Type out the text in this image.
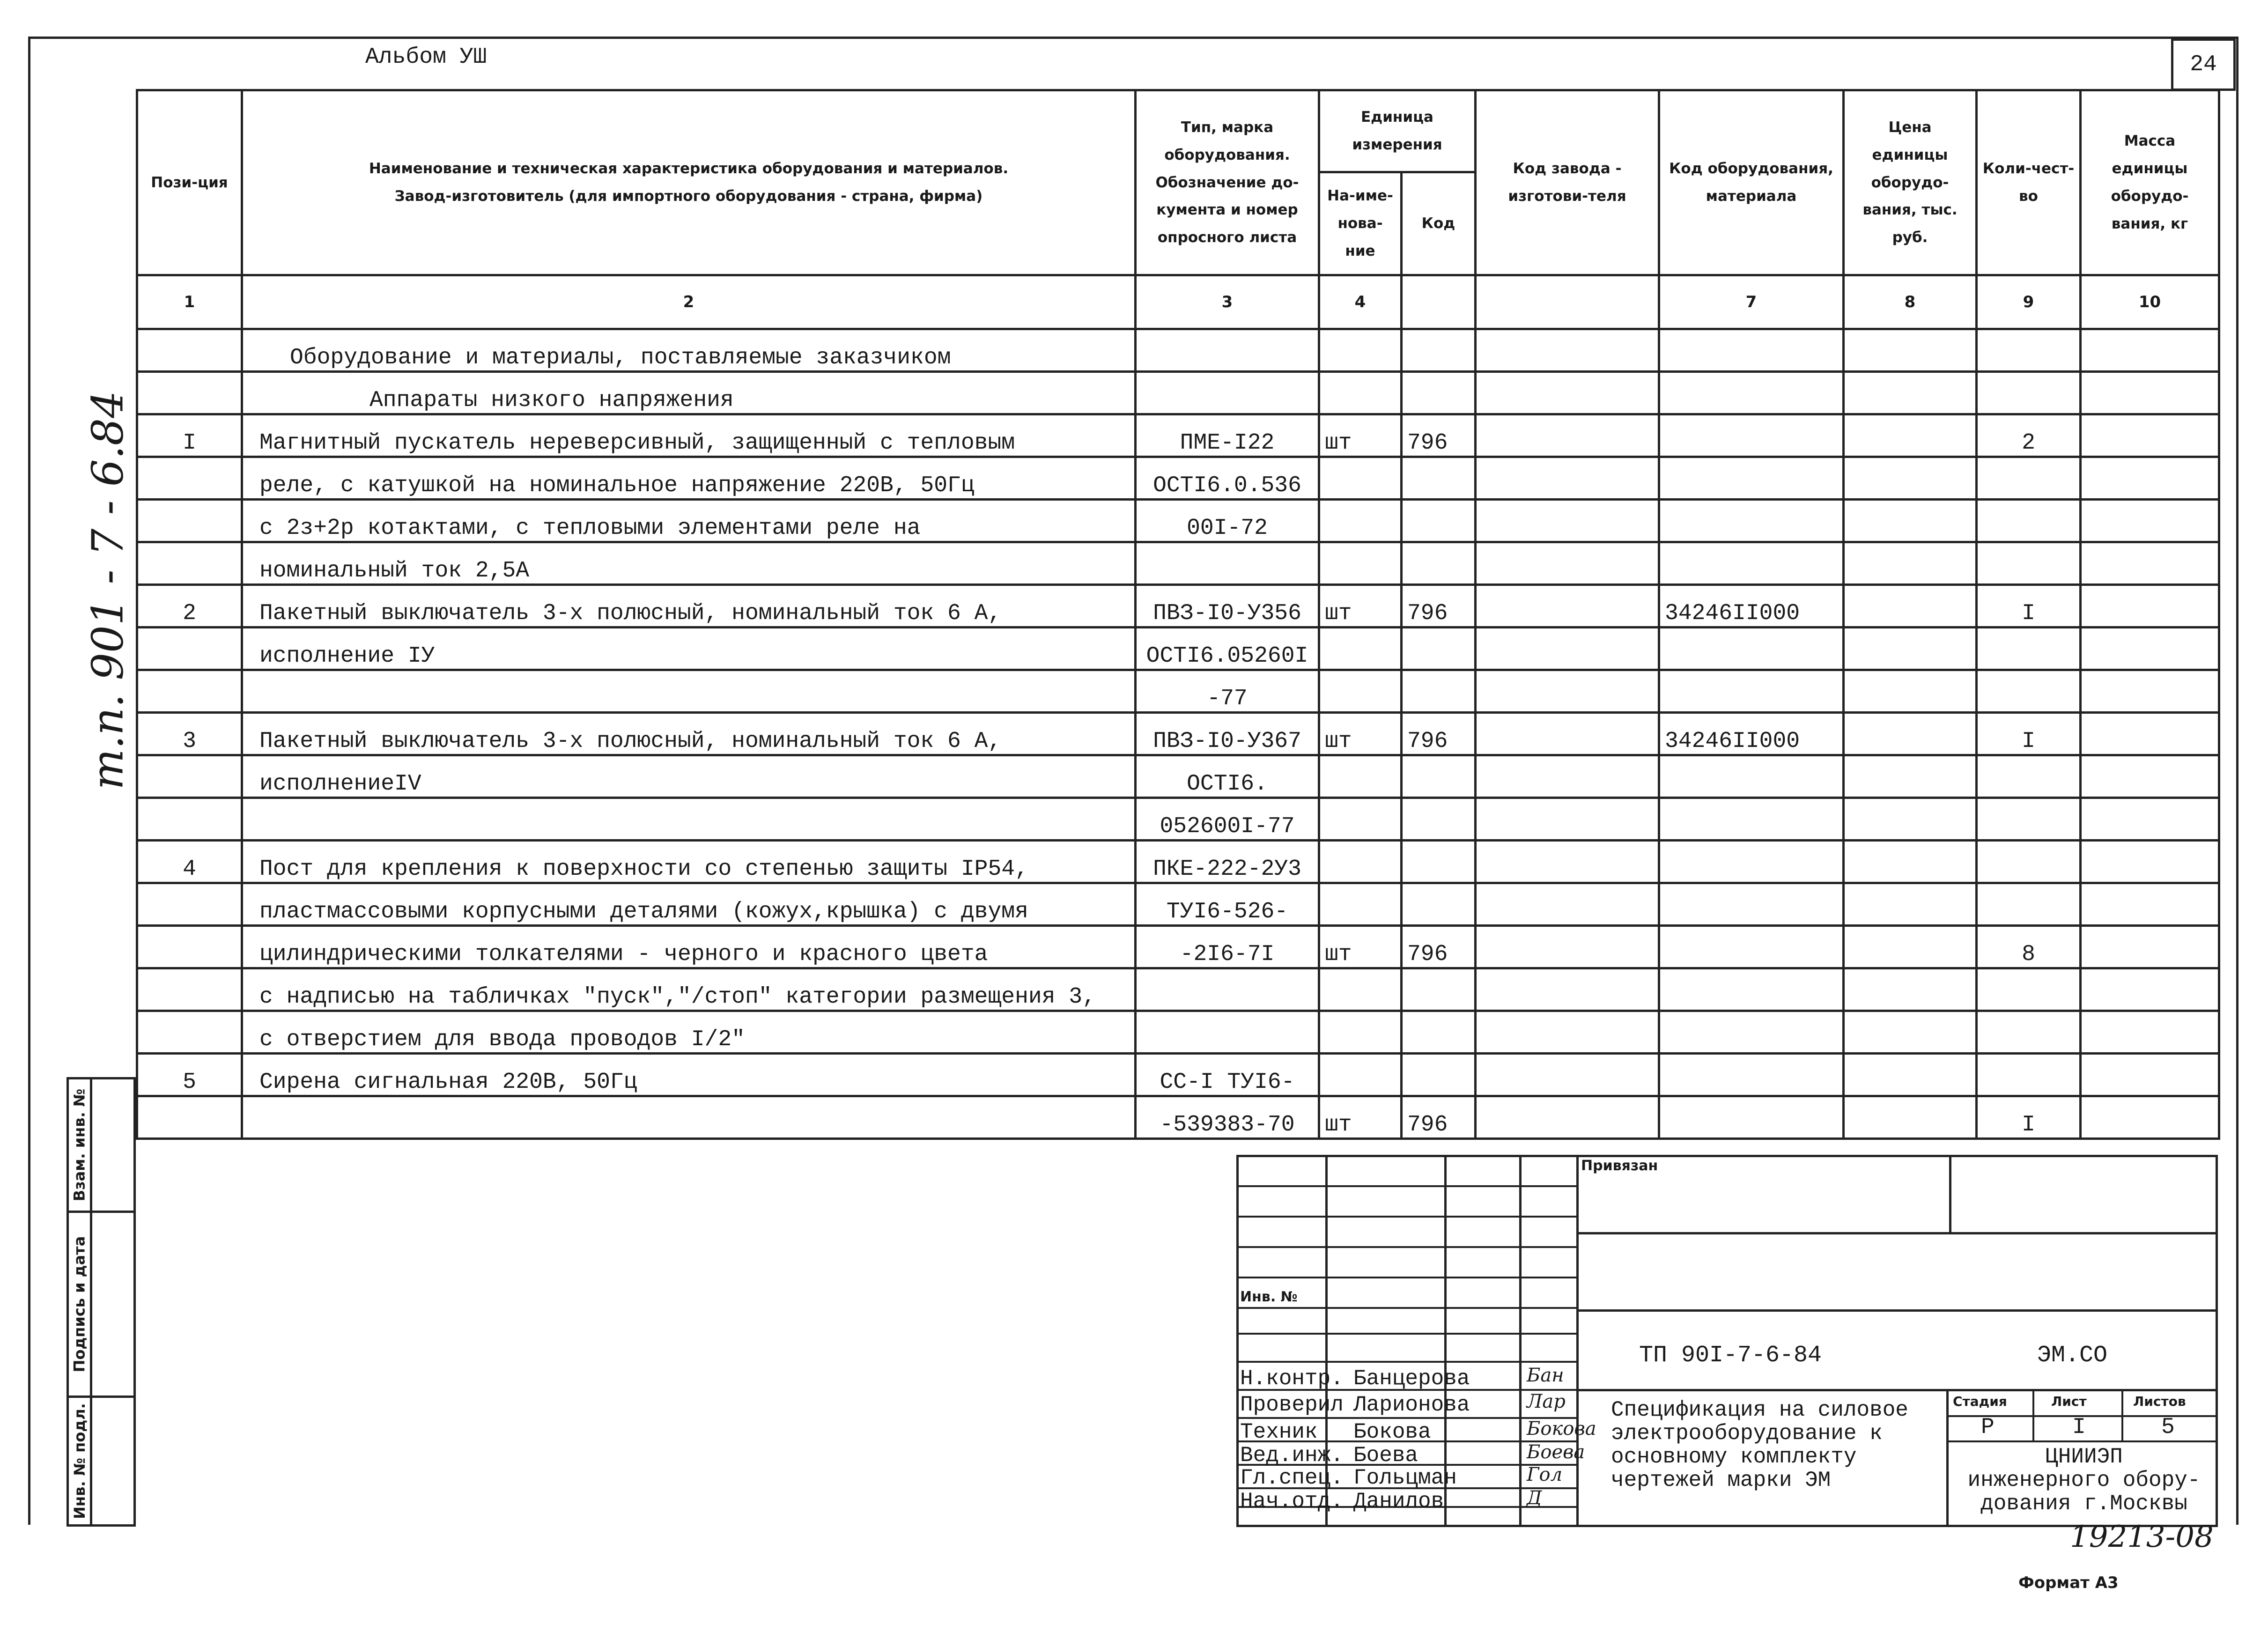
Альбом УШ	24
т.п. 901 - 7 - 6.84
Пози-ция	Наименование и техническая характеристика оборудования и материалов.
Завод-изготовитель (для импортного оборудования - страна, фирма)	Тип, марка оборудования. Обозначение до-кумента и номер опросного листа	Единица измерения		Код завода - изготови-теля	Код оборудования, материала	Цена единицы оборудо-вания, тыс. руб.	Коли-чест-во	Масса единицы оборудо-вания, кг
			На-име-нова-ние	Код					
1	2	3	4			7	8	9	10
	Оборудование и материалы, поставляемые заказчиком								
	Аппараты низкого напряжения								
I	Магнитный пускатель нереверсивный, защищенный с тепловым	ПМЕ-I22	шт	796				2	
	реле, с катушкой на номинальное напряжение 220В, 50Гц	ОСТI6.0.536							
	с 2з+2р котактами, с тепловыми элементами реле на	00I-72							
	номинальный ток 2,5А								
2	Пакетный выключатель 3-х полюсный, номинальный ток 6 А,	ПВЗ-I0-У356	шт	796		34246II000		I	
	исполнение IУ	ОСТI6.05260I							
		-77							
3	Пакетный выключатель 3-х полюсный, номинальный ток 6 А,	ПВЗ-I0-У367	шт	796		34246II000		I	
	исполнениеIV	ОСТI6.							
		052600I-77							
4	Пост для крепления к поверхности со степенью защиты IР54,	ПКЕ-222-2У3							
	пластмассовыми корпусными деталями (кожух,крышка) с двумя	ТУI6-526-							
	цилиндрическими толкателями - черного и красного цвета	-2I6-7I	шт	796				8	
	с надписью на табличках "пуск","/стоп" категории размещения 3,								
	с отверстием для ввода проводов I/2"								
5	Сирена сигнальная 220В, 50Гц	СС-I ТУI6-							
		-539383-70	шт	796				I	
Взам. инв. №
Подпись и дата
Инв. № подл.
Привязан
Инв. №
ТП 90I-7-6-84	ЭМ.СО
Стадия	Лист	Листов
Р	I	5
Спецификация на силовое
электрооборудование к
основному комплекту
чертежей марки ЭМ
ЦНИИЭП
инженерного обору-
дования г.Москвы
Н.контр. Банцерова	Бан
Проверил Ларионова	Лар
Техник Бокова	Бокова
Вед.инж. Боева	Боева
Гл.спец. Гольцман	Гол
Нач.отд. Данилов	Д
19213-08
Формат А3
